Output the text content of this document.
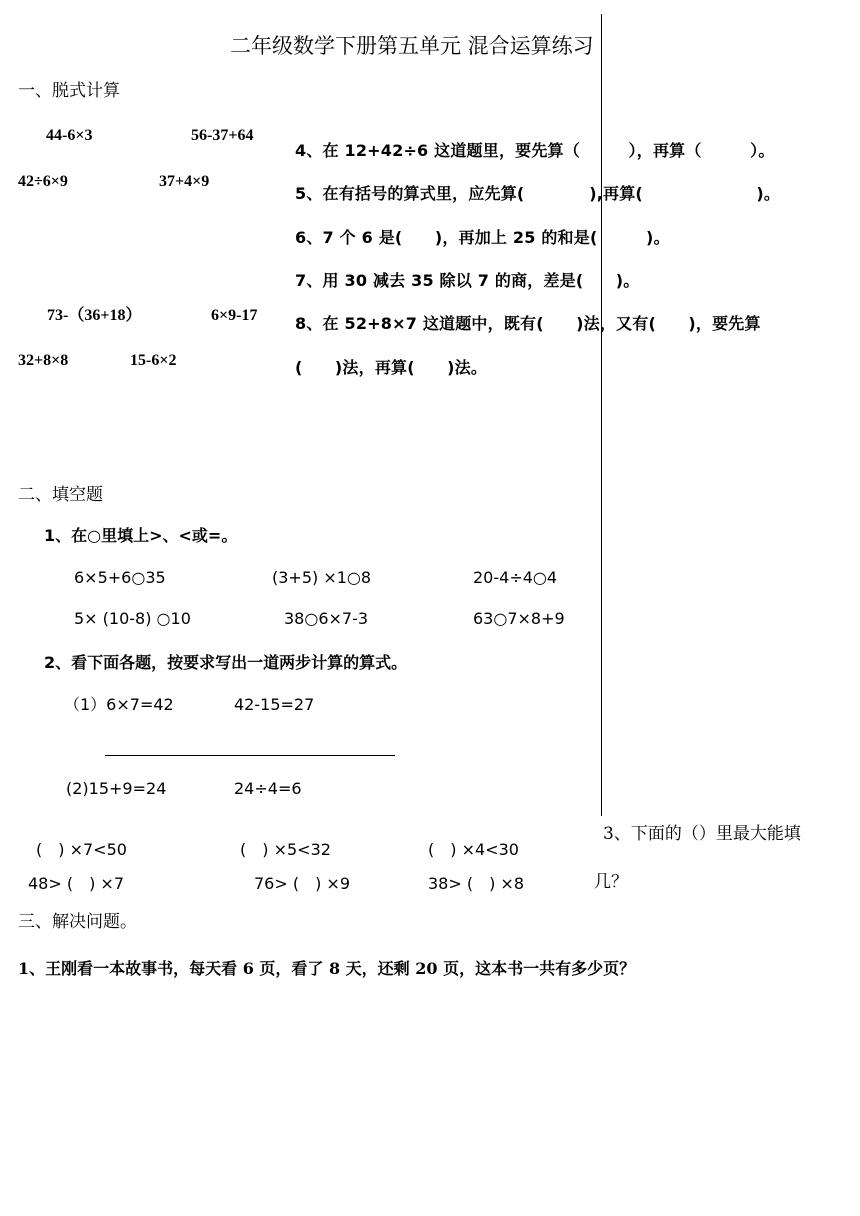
二年级数学下册第五单元 混合运算练习
一、脱式计算
44-6×3	56-37+64
42÷6×9	37+4×9
73-（36+18）	6×9-17
32+8×8	15-6×2
4、在 12+42÷6 这道题里，要先算（　　　），再算（　　　）。
5、在有括号的算式里，应先算(　　　　),再算(　　　　　　　)。
6、7 个 6 是(　　)，再加上 25 的和是(　　　)。
7、用 30 减去 35 除以 7 的商，差是(　　)。
8、在 52+8×7 这道题中，既有(　　)法，又有(　　)，要先算
(　　)法，再算(　　)法。
二、填空题
1、在○里填上>、<或=。
6×5+6○35	(3+5) ×1○8	20-4÷4○4
5× (10-8) ○10	38○6×7-3	63○7×8+9
2、看下面各题，按要求写出一道两步计算的算式。
（1）6×7=42	42-15=27
(2)15+9=24	24÷4=6
(　) ×7<50	(　) ×5<32	(　) ×4<30
48> (　) ×7	76> (　) ×9	38> (　) ×8
3、下面的（）里最大能填
几？
三、解决问题。
1、王刚看一本故事书，每天看 6 页，看了 8 天，还剩 20 页，这本书一共有多少页？
